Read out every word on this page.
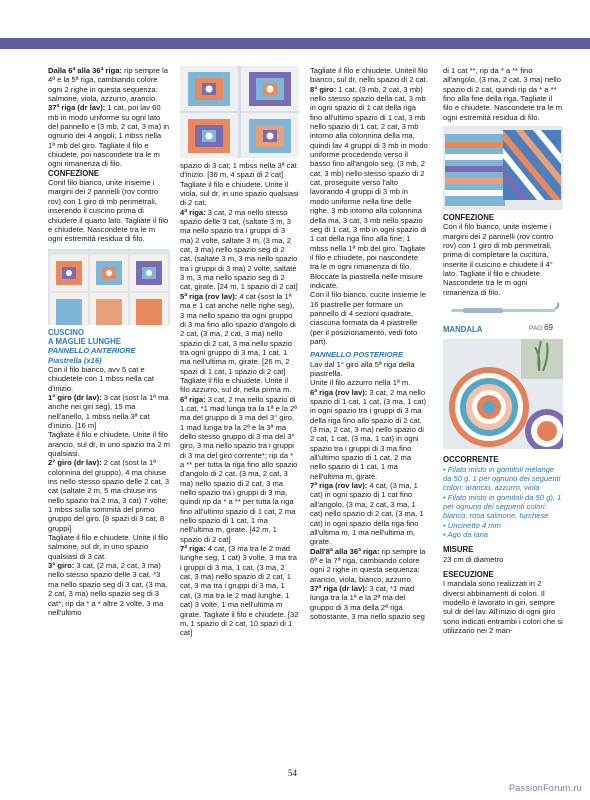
Dalla 6ª alla 36ª riga: rip sempre la 4ª e la 5ª riga, cambiando colore ogni 2 righe in questa sequenza: salmone, viola, azzurro, arancio.

37ª riga (dr lav): 1 cat, poi lav 60 mb in modo uniforme su ogni lato del pannello e (3 mb, 2 cat, 3 ma) in ognuno dei 4 angoli; 1 mbss nella 1ª mb del giro. Tagliate il filo e chiudete, poi nascondete tra le m ogni rimanenza di filo.

CONFEZIONE

Conil filo bianco, unite insieme i margini dei 2 pannelli (rov contro rov) con 1 giro di mb perimetrali, inserendo il cuscino prima di chiudere il quarto lato. Tagliate il filo e chiudete. Nascondete tra le m ogni estremità residua di filo.

CUSCINO

A MAGLIE LUNGHE

PANNELLO ANTERIORE

Piastrella (x16)

Con il filo bianco, avv 5 cat e chiudetele con 1 mbss nella cat d'inizio.

1° giro (dr lav): 3 cat (sost la 1ª ma anche nei giri seg), 15 ma nell'anello, 1 mbss nella 3ª cat d'inizio. [16 m]

Tagliate il filo e chiudete. Unite il filo arancio, sul dr, in uno spazio tra 2 m qualsiasi.

2° giro (dr lav): 2 cat (sost la 1ª colonnina del gruppo), 4 ma chiuse ins nello stesso spazio delle 2 cat, 3 cat (saltate 2 m, 5 ma chiuse ins nello spazio tra 2 ma, 3 cat) 7 volte; 1 mbss sulla sommità del primo gruppo del giro. [8 spazi di 3 cat, 8 gruppi]

Tagliate il filo e chiudete. Unite il filo salmone, sul dr, in uno spazio qualsiasi di 3 cat.

3° giro: 3 cat, (2 ma, 2 cat, 3 ma) nello stesso spazio delle 3 cat, *3 ma nello spazio seg di 3 cat, (3 ma, 2 cat, 3 ma) nello spazio seg di 3 cat*; rip da * a * altre 2 volte, 3 ma nell'ultimo

spazio di 3 cat; 1 mbss nella 3ª cat d'inizio. [36 m, 4 spazi di 2 cat]

Tagliate il filo e chiudete. Unite il viola, sul dr, in uno spazio qualsiasi di 2 cat.

4ª riga: 3 cat, 2 ma nello stesso spazio delle 3 cat, (saltate 3 m, 3 ma nello spazio tra i gruppi di 3 ma) 2 volte, saltate 3 m, (3 ma, 2 cat, 3 ma) nello spazio seg di 2 cat, (saltate 3 m, 3 ma nello spazio tra i gruppi di 3 ma) 2 volte, saltate 3 m, 3 ma nello spazio seg di 2 cat, girate. [24 m, 1 spazio di 2 cat]

5ª riga (rov lav): 4 cat (sost la 1ª ma e 1 cat anche nelle righe seg), 3 ma nello spazio tra ogni gruppo di 3 ma fino allo spazio d'angolo di 2 cat, (3 ma, 2 cat, 3 ma) nello spazio di 2 cat, 3 ma nello spazio tra ogni gruppo di 3 ma, 1 cat, 1 ma nell'ultima m, girate. [26 m, 2 spazi di 1 cat, 1 spazio di 2 cat]

Tagliate il filo e chiudete. Unite il filo azzurro, sul dr, nella prima m.

6ª riga: 3 cat, 2 ma nello spazio di 1 cat, *1 mad lunga tra la 1ª e la 2ª ma del gruppo di 3 ma del 3° giro, 1 mad lunga tra la 2ª e la 3ª ma dello stesso gruppo di 3 ma del 3° giro, 3 ma nello spazio tra i gruppi di 3 ma del giro corrente*; rip da * a ** per tutta la riga fino allo spazio d'angolo di 2 cat, (3 ma, 2 cat, 3 ma) nello spazio di 2 cat, 3 ma nello spazio tra i gruppi di 3 ma, quindi rip da * a ** per tutta la riga fino all'ultimo spazio di 1 cat, 2 ma nello spazio di 1 cat, 1 ma nell'ultima m, girate. [42 m, 1 spazio di 2 cat]

7ª riga: 4 cat, (3 ma tra le 2 mad lunghe seg, 1 cat) 3 volte, 3 ma tra i gruppi di 3 ma, 1 cat, (3 ma, 2 cat, 3 ma) nello spazio di 2 cat, 1 cat, 3 ma tra i gruppi di 3 ma, 1 cat, (3 ma tra le 2 mad lunghe, 1 cat) 3 volte, 1 ma nell'ultima m girate. Tagliate il filo e chiudete. [32 m, 1 spazio di 2 cat, 10 spazi di 1 cat]

Tagliate il filo e chiudete. Uniteil filo bianco, sul dr, nello spazio di 2 cat.

8° giro: 1 cat, (3 mb, 2 cat, 3 mb) nello stesso spazio della cat, 3 mb in ogni spazio di 1 cat della riga fino all'ultimo spazio di 1 cat, 3 mb nello spazio di 1 cat, 2 cat, 3 mb intorno alla colonnina della ma, quindi lav 4 gruppi di 3 mb in modo uniforme procedendo verso il basso fino all'angolo seg, (3 mb, 2 cat, 3 mb) nello stesso spazio di 2 cat, proseguite verso l'alto lavorando 4 gruppi di 3 mb in modo uniforme nella fine delle righe, 3 mb intorno alla colonnina della ma, 3 cat, 3 mb nello spazio seg di 1 cat, 3 mb in ogni spazio di 1 cat della riga fino alla fine; 1 mbss nella 1ª mb del giro. Tagliate il filo e chiudete, poi nascondete tra le m ogni rimanenza di filo.

Bloccate la piastrella nelle misure indicate.

Con il filo bianco, cucite insieme le 16 piastrelle per formare un pannello di 4 sezioni quadrate, ciascuna formata da 4 piastrelle (per il posizionamento, vedi foto part).

PANNELLO POSTERIORE

Lav dal 1° giro alla 5ª riga della piastrella.

Unite il filo azzurro nella 1ª m.

6ª riga (rov lav): 3 cat, 2 ma nello spazio di 1 cat, 1 cat, (3 ma, 1 cat) in ogni spazio tra i gruppi di 3 ma della riga fino allo spazio di 2 cat, (3 ma, 2 cat, 3 ma) nello spazio di 2 cat, 1 cat, (3 ma, 1 cat) in ogni spazio tra i gruppi di 3 ma fino all'ultimo spazio di 1 cat, 2 ma nello spazio di 1 cat, 1 ma nell'ultima m, girate.

7ª riga (rov lav): 4 cat, (3 ma, 1 cat) in ogni spazio di 1 cat fino all'angolo, (3 ma, 2 cat, 3 ma, 1 cat) nello spazio di 2 cat, (3 ma, 1 cat) in ogni spazio della riga fino all'ultima m, 1 ma nell'ultima m, girate.

Dall'8ª alla 36ª riga: rip sempre la 6ª e la 7ª riga, cambiando colore ogni 2 righe in questa sequenza: arancio, viola, bianco, azzurro.

37ª riga (dr lav): 3 cat, *1 mad lunga tra la 1ª e la 2ª ma del gruppo di 3 ma della 2ª riga sottostante, 3 ma nello spazio seg

di 1 cat **, rip da * a ** fino all'angolo, (3 ma, 2 cat, 3 ma) nello spazio di 2 cat, quindi rip da * a ** fino alla fine della riga. Tagliate il filo e chiudete. Nascondete tra le m ogni estremità residua di filo.

CONFEZIONE

Con il filo bianco, unite insieme i margini dei 2 pannelli (rov contro rov) con 1 giro di mb perimetrali, prima di completare la cucitura, inserite il cuscino e chiudete il 4° lato. Tagliate il filo e chiudete. Nascondete tra le m ogni rimanenza di filo.

MANDALA	PAG 69

OCCORRENTE

• Filato misto in gomitoli mélange da 50 g, 1 per ognuno dei seguenti colori: arancio, azzurro, viola

• Filato misto in gomitoli da 50 g), 1 per ognuno dei seguenti colori: bianco, rosa salmone, turchese

• Uncinetto 4 mm

• Ago da lana

MISURE

23 cm di diametro

ESECUZIONE

I mandala sono realizzati in 2 diversi abbinamenti di colori. Il modello è lavorato in giri, sempre sul dr del lav. All'inizio di ogni giro sono indicati entrambi i colori che si utilizzano nei 2 man-

54
PassionForum.ru
